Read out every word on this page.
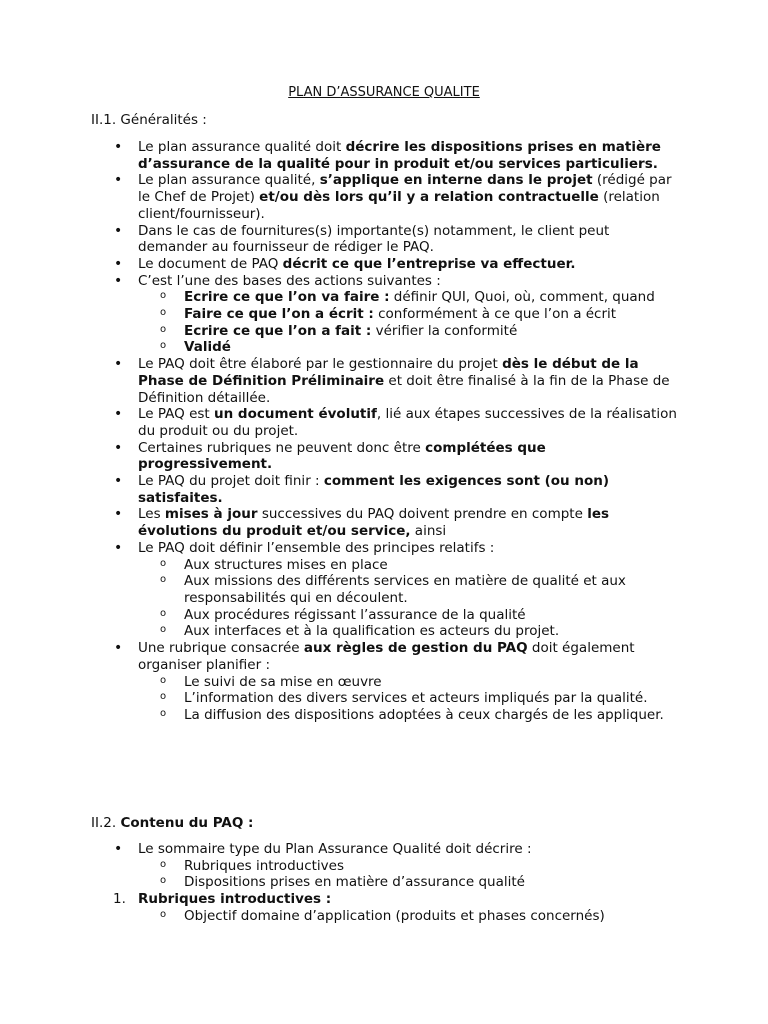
PLAN D’ASSURANCE QUALITE
II.1. Généralités :
• Le plan assurance qualité doit décrire les dispositions prises en matière d’assurance de la qualité pour in produit et/ou services particuliers.
• Le plan assurance qualité, s’applique en interne dans le projet (rédigé par le Chef de Projet) et/ou dès lors qu’il y a relation contractuelle (relation client/fournisseur).
• Dans le cas de fournitures(s) importante(s) notamment, le client peut demander au fournisseur de rédiger le PAQ.
• Le document de PAQ décrit ce que l’entreprise va effectuer.
• C’est l’une des bases des actions suivantes :
o Ecrire ce que l’on va faire : définir QUI, Quoi, où, comment, quand
o Faire ce que l’on a écrit : conformément à ce que l’on a écrit
o Ecrire ce que l’on a fait : vérifier la conformité
o Validé
• Le PAQ doit être élaboré par le gestionnaire du projet dès le début de la Phase de Définition Préliminaire et doit être finalisé à la fin de la Phase de Définition détaillée.
• Le PAQ est un document évolutif, lié aux étapes successives de la réalisation du produit ou du projet.
• Certaines rubriques ne peuvent donc être complétées que progressivement.
• Le PAQ du projet doit finir : comment les exigences sont (ou non) satisfaites.
• Les mises à jour successives du PAQ doivent prendre en compte les évolutions du produit et/ou service, ainsi
• Le PAQ doit définir l’ensemble des principes relatifs :
o Aux structures mises en place
o Aux missions des différents services en matière de qualité et aux responsabilités qui en découlent.
o Aux procédures régissant l’assurance de la qualité
o Aux interfaces et à la qualification es acteurs du projet.
• Une rubrique consacrée aux règles de gestion du PAQ doit également organiser planifier :
o Le suivi de sa mise en œuvre
o L’information des divers services et acteurs impliqués par la qualité.
o La diffusion des dispositions adoptées à ceux chargés de les appliquer.
II.2. Contenu du PAQ :
• Le sommaire type du Plan Assurance Qualité doit décrire :
o Rubriques introductives
o Dispositions prises en matière d’assurance qualité
1. Rubriques introductives :
o Objectif domaine d’application (produits et phases concernés)
